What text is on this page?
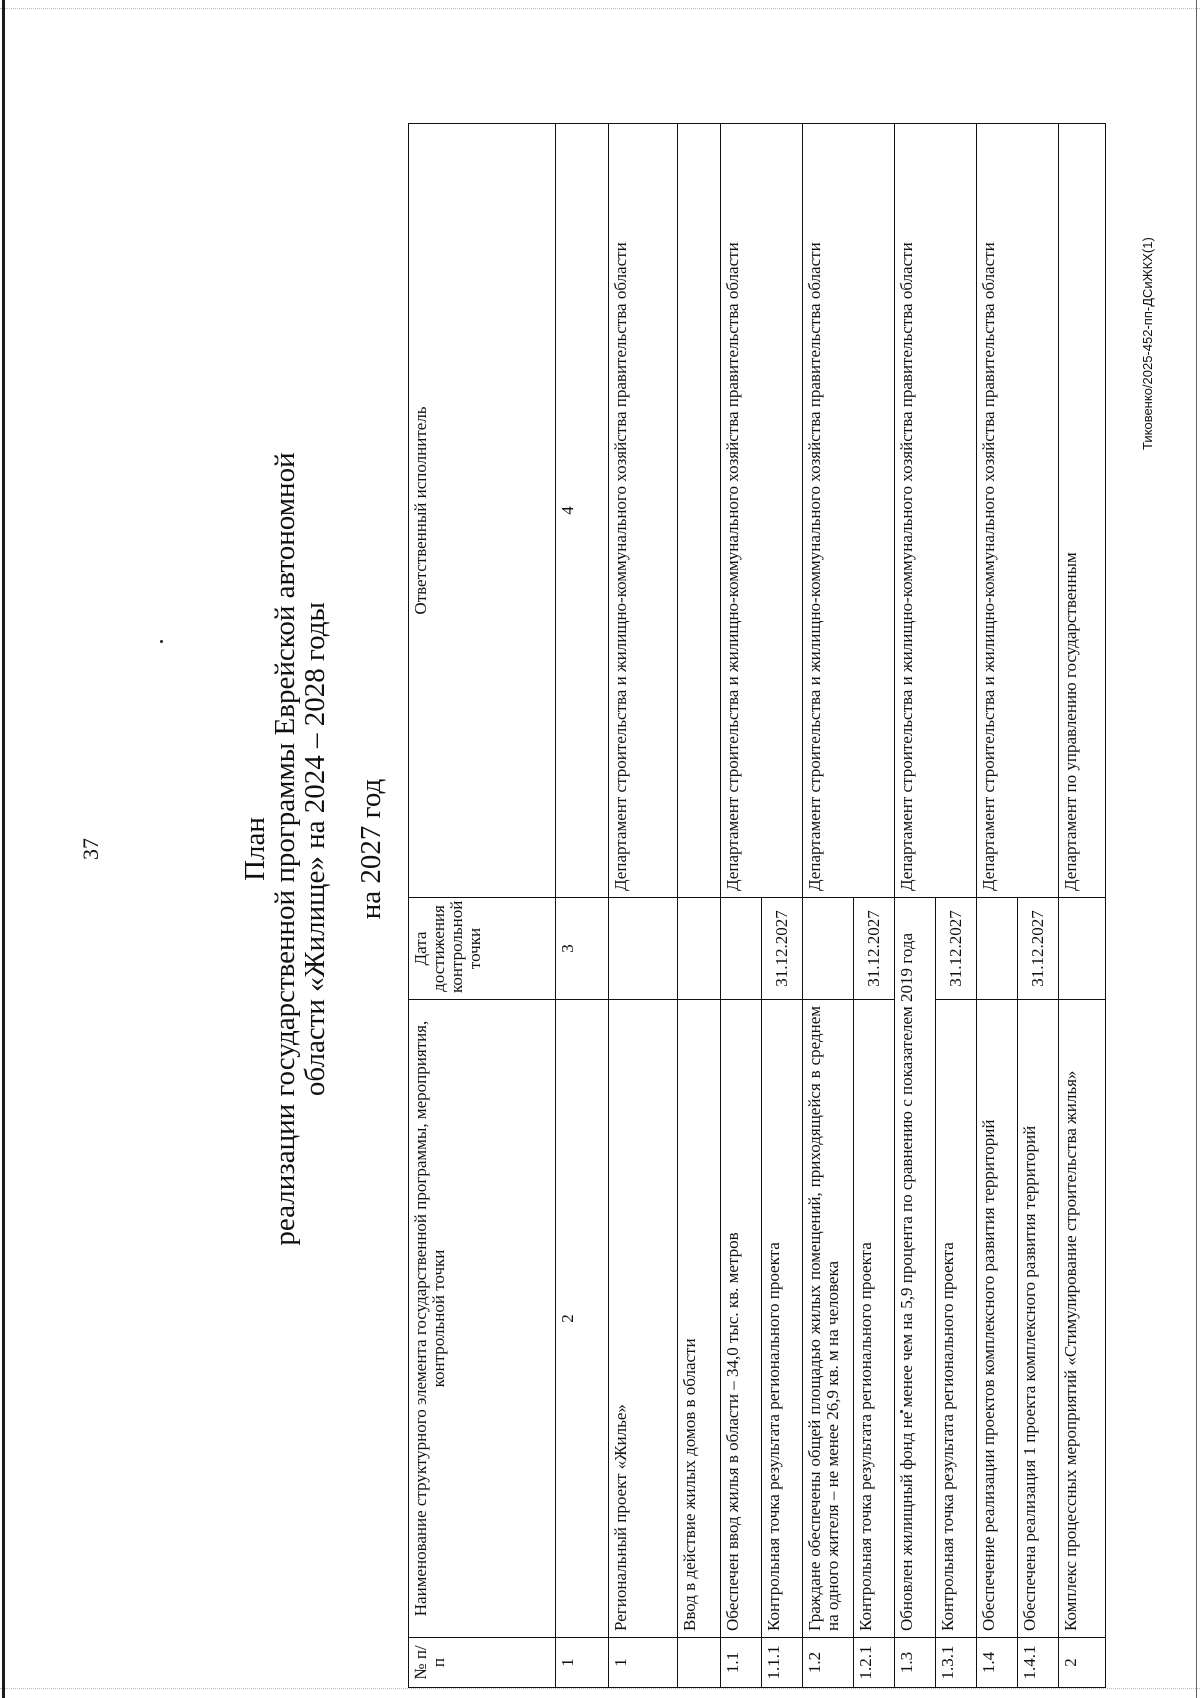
37	План
реализации государственной программы Еврейской автономной
области «Жилище» на 2024 – 2028 годы на 2027 год
№ п/п	Наименование структурного элемента государственной программы, мероприятия, контрольной точки	Дата достижения контрольной точки	Ответственный исполнитель
1	2	3	4
1	Региональный проект «Жилье»		Департамент строительства и жилищно-коммунального хозяйства правительства области
	Ввод в действие жилых домов в области		
1.1	Обеспечен ввод жилья в области – 34,0 тыс. кв. метров		Департамент строительства и жилищно-коммунального хозяйства правительства области
1.1.1	Контрольная точка результата регионального проекта	31.12.2027	
1.2	Граждане обеспечены общей площадью жилых помещений, приходящейся в среднем на одного жителя – не менее 26,9 кв. м на человека		Департамент строительства и жилищно-коммунального хозяйства правительства области
1.2.1	Контрольная точка результата регионального проекта	31.12.2027	
1.3	Обновлен жилищный фонд не менее чем на 5,9 процента по сравнению с показателем 2019 года		Департамент строительства и жилищно-коммунального хозяйства правительства области
1.3.1	Контрольная точка результата регионального проекта	31.12.2027	
1.4	Обеспечение реализации проектов комплексного развития территорий		Департамент строительства и жилищно-коммунального хозяйства правительства области
1.4.1	Обеспечена реализация 1 проекта комплексного развития территорий	31.12.2027	
2	Комплекс процессных мероприятий «Стимулирование строительства жилья»		Департамент по управлению государственным
Тиковенко/2025-452-пп-ДСиЖКХ(1)
